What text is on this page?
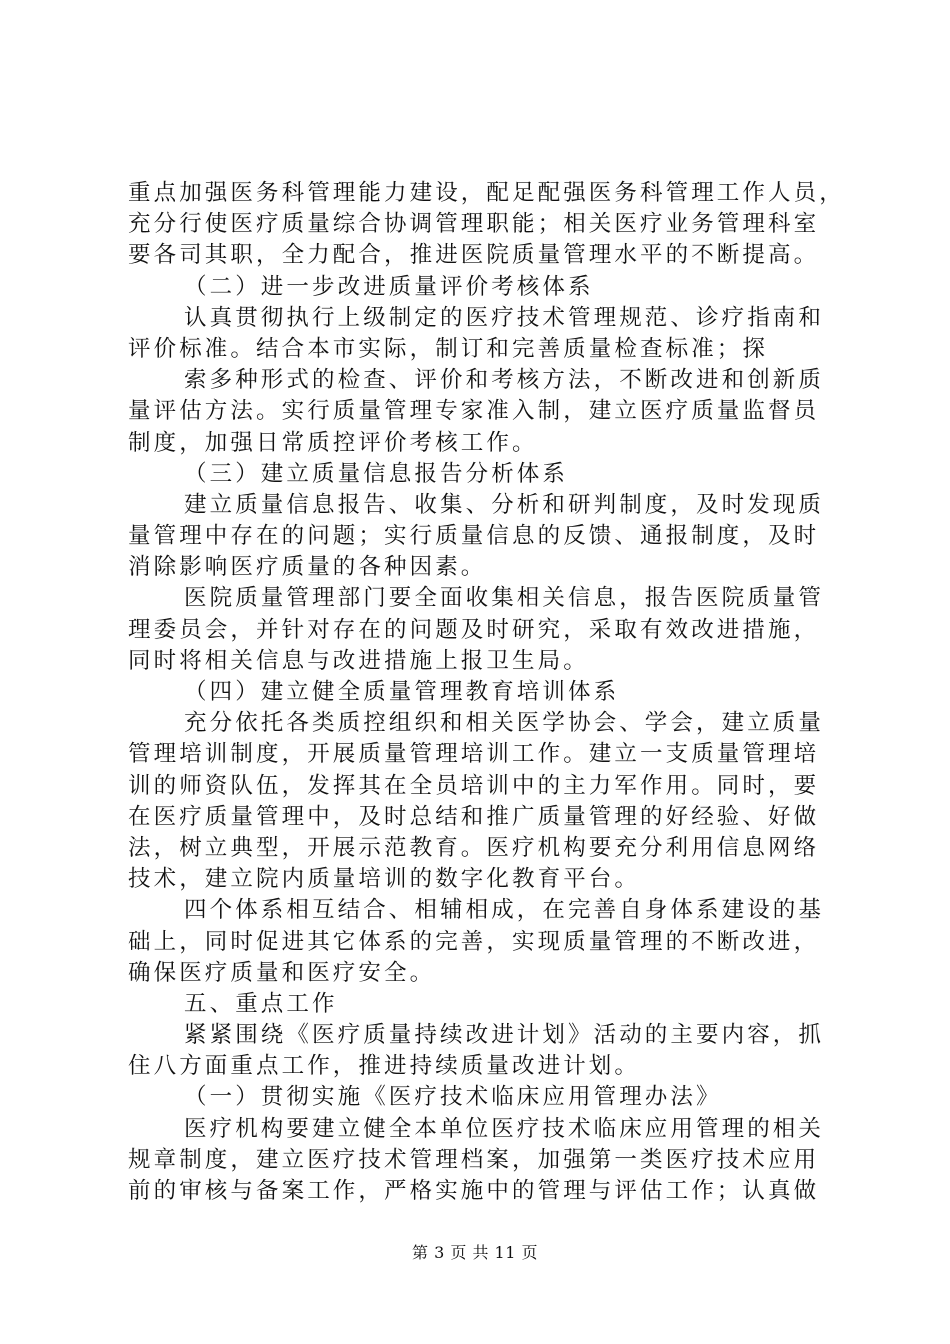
重点加强医务科管理能力建设，配足配强医务科管理工作人员，
充分行使医疗质量综合协调管理职能；相关医疗业务管理科室
要各司其职，全力配合，推进医院质量管理水平的不断提高。
（二）进一步改进质量评价考核体系
认真贯彻执行上级制定的医疗技术管理规范、诊疗指南和
评价标准。结合本市实际，制订和完善质量检查标准；探
索多种形式的检查、评价和考核方法，不断改进和创新质
量评估方法。实行质量管理专家准入制，建立医疗质量监督员
制度，加强日常质控评价考核工作。
（三）建立质量信息报告分析体系
建立质量信息报告、收集、分析和研判制度，及时发现质
量管理中存在的问题；实行质量信息的反馈、通报制度，及时
消除影响医疗质量的各种因素。
医院质量管理部门要全面收集相关信息，报告医院质量管
理委员会，并针对存在的问题及时研究，采取有效改进措施，
同时将相关信息与改进措施上报卫生局。
（四）建立健全质量管理教育培训体系
充分依托各类质控组织和相关医学协会、学会，建立质量
管理培训制度，开展质量管理培训工作。建立一支质量管理培
训的师资队伍，发挥其在全员培训中的主力军作用。同时，要
在医疗质量管理中，及时总结和推广质量管理的好经验、好做
法，树立典型，开展示范教育。医疗机构要充分利用信息网络
技术，建立院内质量培训的数字化教育平台。
四个体系相互结合、相辅相成，在完善自身体系建设的基
础上，同时促进其它体系的完善，实现质量管理的不断改进，
确保医疗质量和医疗安全。
五、重点工作
紧紧围绕《医疗质量持续改进计划》活动的主要内容，抓
住八方面重点工作，推进持续质量改进计划。
（一）贯彻实施《医疗技术临床应用管理办法》
医疗机构要建立健全本单位医疗技术临床应用管理的相关
规章制度，建立医疗技术管理档案，加强第一类医疗技术应用
前的审核与备案工作，严格实施中的管理与评估工作；认真做
第 3 页 共 11 页
